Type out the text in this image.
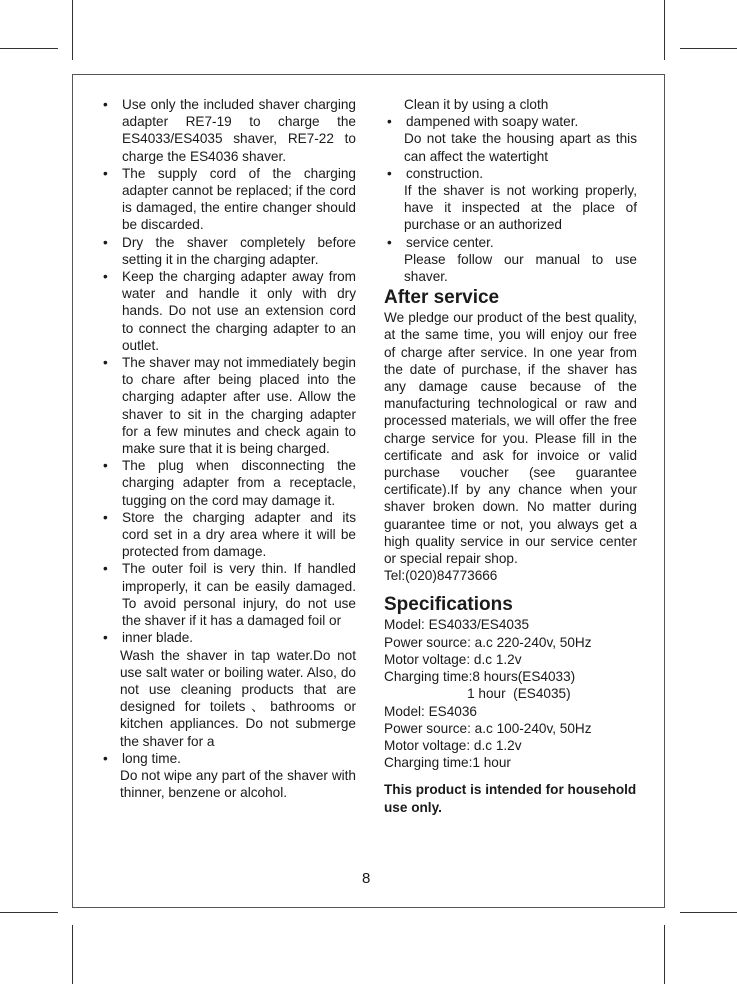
• Use only the included shaver charging adapter RE7-19 to charge the ES4033/ES4035 shaver, RE7-22 to charge the ES4036 shaver.
• The supply cord of the charging adapter cannot be replaced; if the cord is damaged, the entire changer should be discarded.
• Dry the shaver completely before setting it in the charging adapter.
• Keep the charging adapter away from water and handle it only with dry hands. Do not use an extension cord to connect the charging adapter to an outlet.
• The shaver may not immediately begin to chare after being placed into the charging adapter after use. Allow the shaver to sit in the charging adapter for a few minutes and check again to make sure that it is being charged.
• The plug when disconnecting the charging adapter from a receptacle, tugging on the cord may damage it.
• Store the charging adapter and its cord set in a dry area where it will be protected from damage.
• The outer foil is very thin. If handled improperly, it can be easily damaged. To avoid personal injury, do not use the shaver if it has a damaged foil or
• inner blade.
Wash the shaver in tap water.Do not use salt water or boiling water. Also, do not use cleaning products that are designed for toilets、bathrooms or kitchen appliances. Do not submerge the shaver for a
• long time.
Do not wipe any part of the shaver with thinner, benzene or alcohol.
Clean it by using a cloth
• dampened with soapy water.
Do not take the housing apart as this can affect the watertight
• construction.
If the shaver is not working properly, have it inspected at the place of purchase or an authorized
• service center.
Please follow our manual to use shaver.
After service
We pledge our product of the best quality, at the same time, you will enjoy our free of charge after service. In one year from the date of purchase, if the shaver has any damage cause because of the manufacturing technological or raw and processed materials, we will offer the free charge service for you. Please fill in the certificate and ask for invoice or valid purchase voucher (see guarantee certificate).If by any chance when your shaver broken down. No matter during guarantee time or not, you always get a high quality service in our service center or special repair shop.
Tel:(020)84773666
Specifications
Model: ES4033/ES4035
Power source: a.c 220-240v, 50Hz
Motor voltage: d.c 1.2v
Charging time:8 hours(ES4033)
1 hour  (ES4035)
Model: ES4036
Power source: a.c 100-240v, 50Hz
Motor voltage: d.c 1.2v
Charging time:1 hour
This product is intended for household use only.
8
